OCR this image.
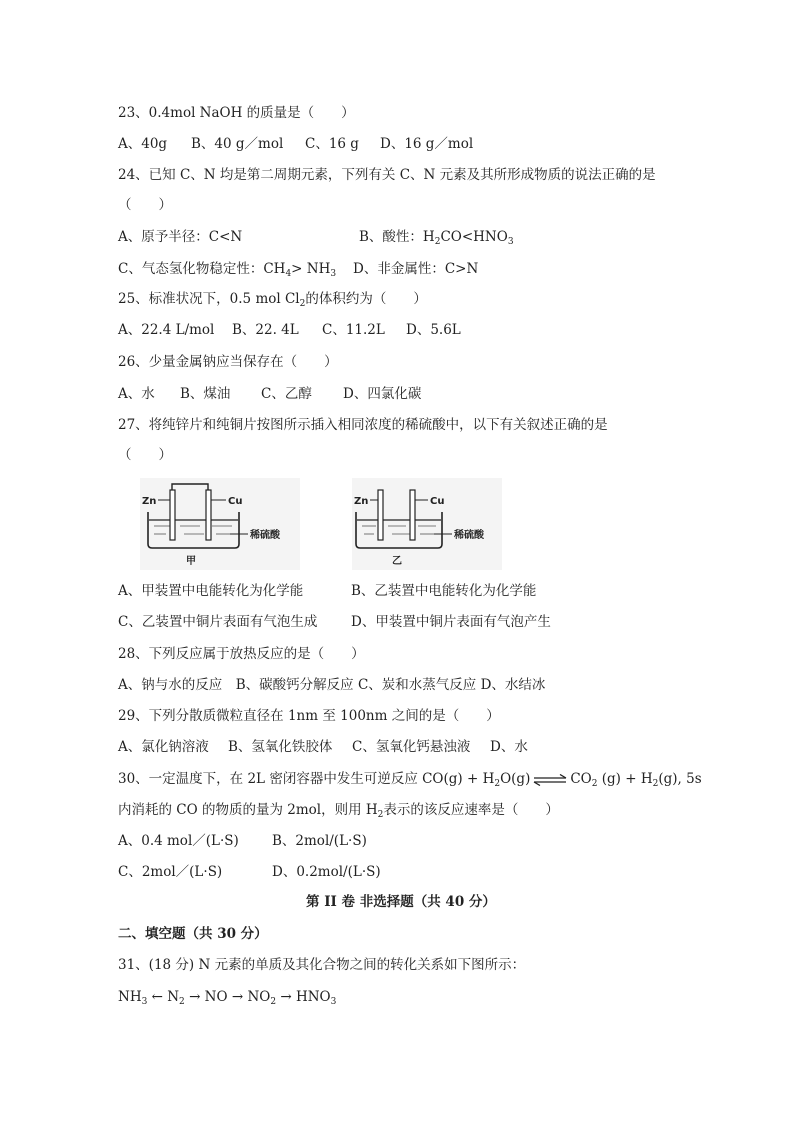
23、0.4mol NaOH 的质量是（　　）
A、40g B、40 g／mol C、16 g D、16 g／mol
24、已知 C、N 均是第二周期元素，下列有关 C、N 元素及其所形成物质的说法正确的是
（　　）
A、原予半径：C<N	B、酸性：$H_2CO<HNO_3$
C、气态氢化物稳定性：$CH_4> NH_3$ D、非金属性：C>N
25、标准状况下，0.5 mol $Cl_2$的体积约为（　　）
A、22.4 L/mol B、22. 4L C、11.2L D、5.6L
26、少量金属钠应当保存在（　　）
A、水 B、煤油 C、乙醇 D、四氯化碳
27、将纯锌片和纯铜片按图所示插入相同浓度的稀硫酸中，以下有关叙述正确的是
（　　）
Zn	Cu
稀硫酸
甲
Zn	Cu
稀硫酸
乙
A、甲装置中电能转化为化学能	B、乙装置中电能转化为化学能
C、乙装置中铜片表面有气泡生成 D、甲装置中铜片表面有气泡产生
28、下列反应属于放热反应的是（　　）
A、钠与水的反应　B、碳酸钙分解反应 C、炭和水蒸气反应 D、水结冰
29、下列分散质微粒直径在 1nm 至 100nm 之间的是（　　）
A、氯化钠溶液 B、氢氧化铁胶体 C、氢氧化钙悬浊液 D、水
30、一定温度下，在 2L 密闭容器中发生可逆反应 $CO(g) + H_2O(g)$ ⇌ $CO_2$ $(g) + H_2(g)$, 5s
内消耗的 CO 的物质的量为 2mol，则用 $H_2$表示的该反应速率是（　　）
A、0.4 mol／(L·S) B、2mol/(L·S)
C、2mol／(L·S)	D、0.2mol/(L·S)
第 II 卷 非选择题（共 40 分）
二、填空题（共 30 分）
31、(18 分) N 元素的单质及其化合物之间的转化关系如下图所示：
$NH_3$ ← $N_2$ → NO → $NO_2 \to HNO_3$
